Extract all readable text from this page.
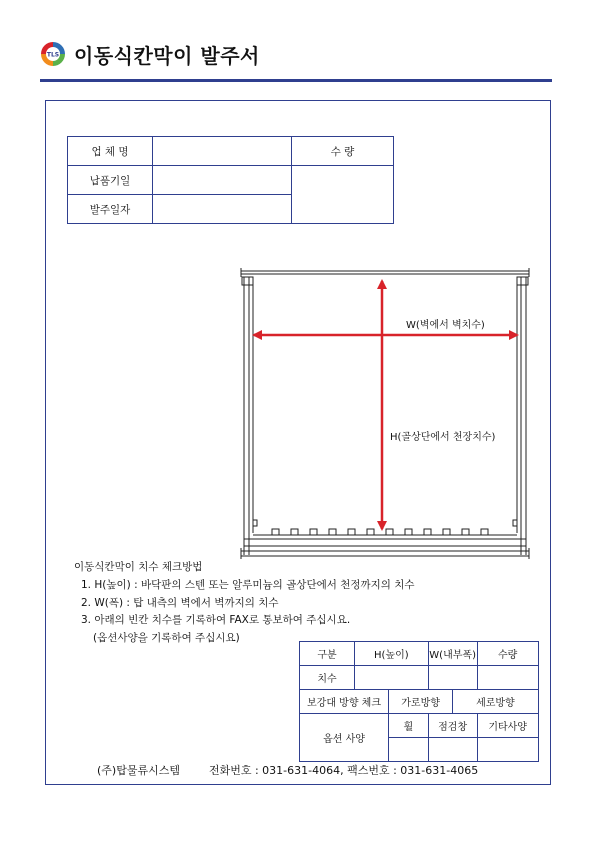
TLS 이동식칸막이 발주서
업 체 명		수 량
납품기일		
발주일자		
W(벽에서 벽치수)
H(골상단에서 천장치수)
이동식칸막이 치수 체크방법
1. H(높이) : 바닥판의 스텐 또는 알루미늄의 골상단에서 천정까지의 치수
2. W(폭) : 탑 내측의 벽에서 벽까지의 치수
3. 아래의 빈칸 치수를 기록하여 FAX로 통보하여 주십시요.
(옵션사양을 기록하여 주십시요)
구분	H(높이)		W(내부폭)		수량
치수					
보강대 방향 체크		가로방향		세로방향	
옵션 사양		휠	점검창		기타사양

(주)탑물류시스템	전화번호 : 031-631-4064, 팩스번호 : 031-631-4065
